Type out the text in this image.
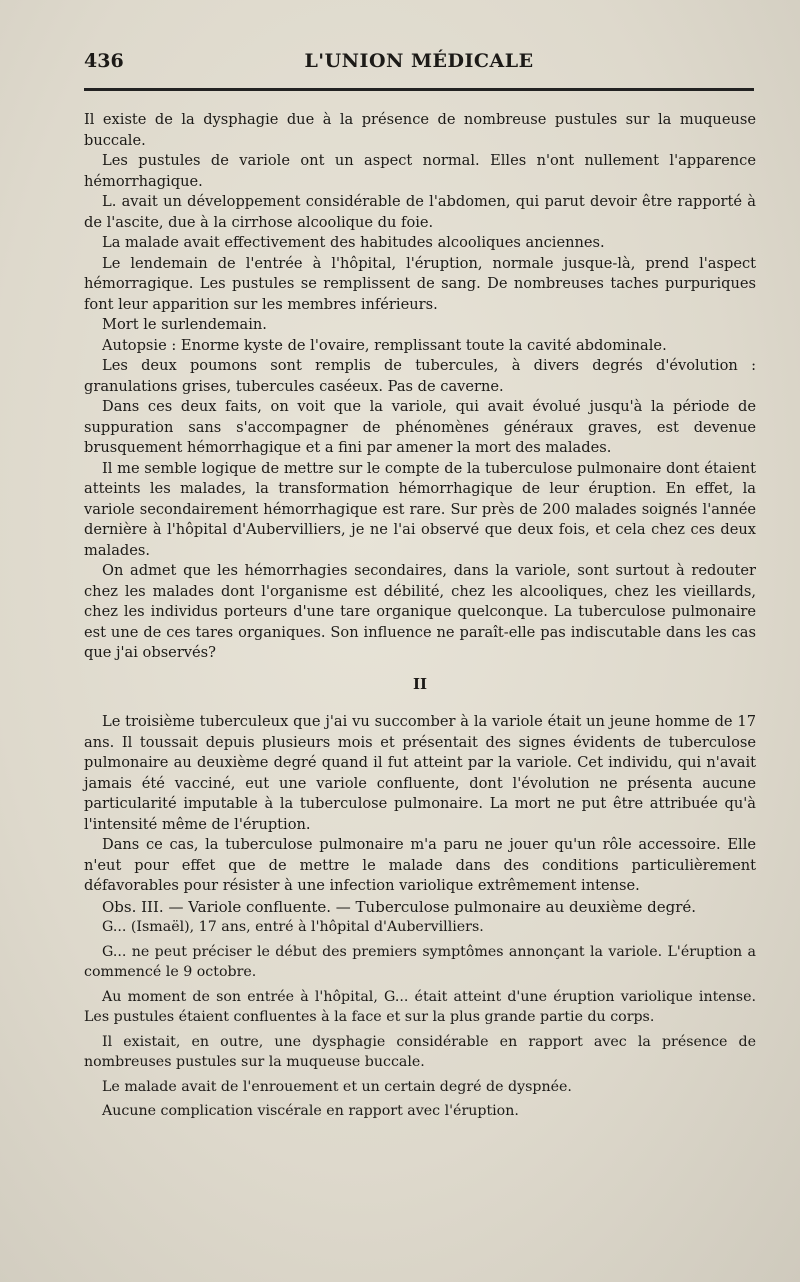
436	L'UNION MÉDICALE

Il existe de la dysphagie due à la présence de nombreuse pustules sur la muqueuse buccale.

Les pustules de variole ont un aspect normal. Elles n'ont nullement l'apparence hémorrhagique.

L. avait un développement considérable de l'abdomen, qui parut devoir être rapporté à de l'ascite, due à la cirrhose alcoolique du foie.

La malade avait effectivement des habitudes alcooliques anciennes.

Le lendemain de l'entrée à l'hôpital, l'éruption, normale jusque-là, prend l'aspect hémorragique. Les pustules se remplissent de sang. De nombreuses taches purpuriques font leur apparition sur les membres inférieurs.

Mort le surlendemain.

Autopsie : Enorme kyste de l'ovaire, remplissant toute la cavité abdominale.

Les deux poumons sont remplis de tubercules, à divers degrés d'évolution : granulations grises, tubercules caséeux. Pas de caverne.

Dans ces deux faits, on voit que la variole, qui avait évolué jusqu'à la période de suppuration sans s'accompagner de phénomènes généraux graves, est devenue brusquement hémorrhagique et a fini par amener la mort des malades.

Il me semble logique de mettre sur le compte de la tuberculose pulmonaire dont étaient atteints les malades, la transformation hémorrhagique de leur éruption. En effet, la variole secondairement hémorrhagique est rare. Sur près de 200 malades soignés l'année dernière à l'hôpital d'Aubervilliers, je ne l'ai observé que deux fois, et cela chez ces deux malades.

On admet que les hémorrhagies secondaires, dans la variole, sont surtout à redouter chez les malades dont l'organisme est débilité, chez les alcooliques, chez les vieillards, chez les individus porteurs d'une tare organique quelconque. La tuberculose pulmonaire est une de ces tares organiques. Son influence ne paraît-elle pas indiscutable dans les cas que j'ai observés?

II

Le troisième tuberculeux que j'ai vu succomber à la variole était un jeune homme de 17 ans. Il toussait depuis plusieurs mois et présentait des signes évidents de tuberculose pulmonaire au deuxième degré quand il fut atteint par la variole. Cet individu, qui n'avait jamais été vacciné, eut une variole confluente, dont l'évolution ne présenta aucune particularité imputable à la tuberculose pulmonaire. La mort ne put être attribuée qu'à l'intensité même de l'éruption.

Dans ce cas, la tuberculose pulmonaire m'a paru ne jouer qu'un rôle accessoire. Elle n'eut pour effet que de mettre le malade dans des conditions particulièrement défavorables pour résister à une infection variolique extrêmement intense.

Obs. III. — Variole confluente. — Tuberculose pulmonaire au deuxième degré.

G... (Ismaël), 17 ans, entré à l'hôpital d'Aubervilliers.

G... ne peut préciser le début des premiers symptômes annonçant la variole. L'éruption a commencé le 9 octobre.

Au moment de son entrée à l'hôpital, G... était atteint d'une éruption variolique intense. Les pustules étaient confluentes à la face et sur la plus grande partie du corps.

Il existait, en outre, une dysphagie considérable en rapport avec la présence de nombreuses pustules sur la muqueuse buccale.

Le malade avait de l'enrouement et un certain degré de dyspnée.

Aucune complication viscérale en rapport avec l'éruption.
